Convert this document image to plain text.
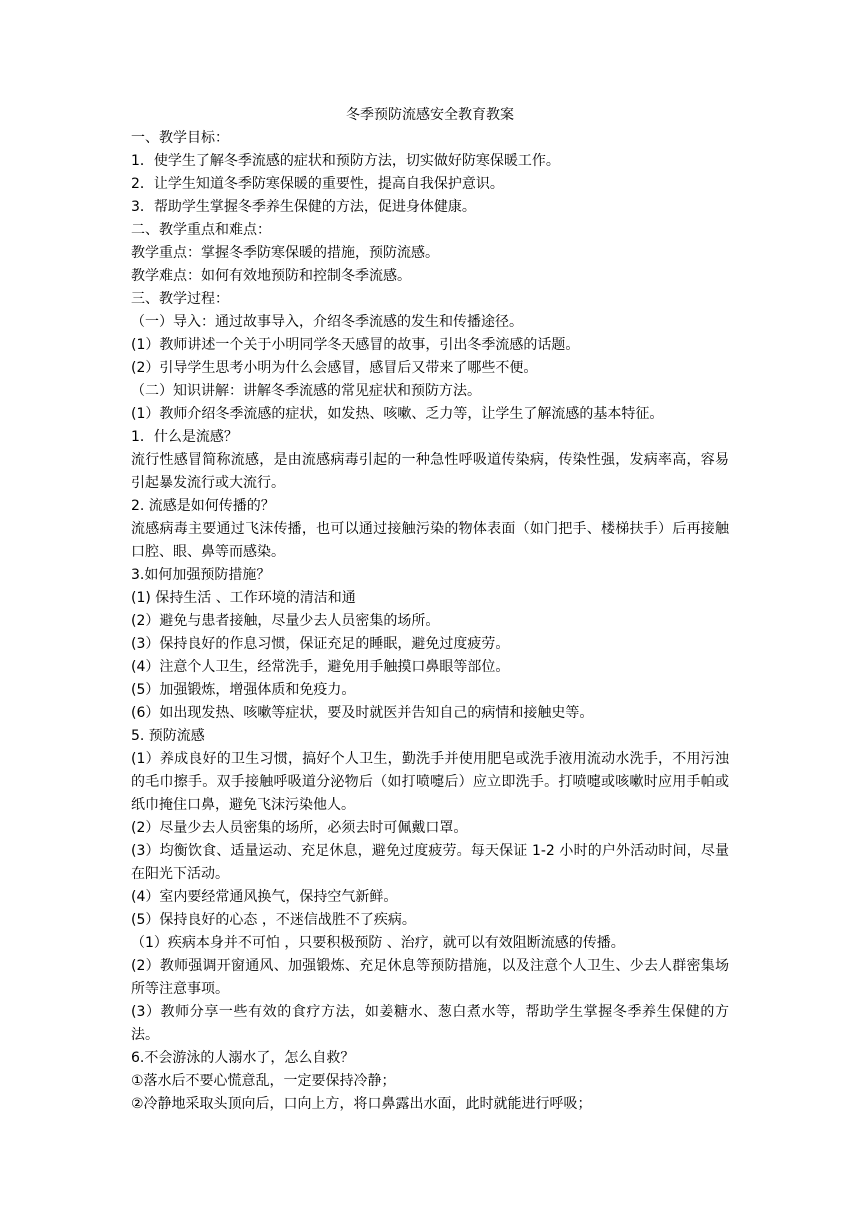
冬季预防流感安全教育教案
一、教学目标：
1．使学生了解冬季流感的症状和预防方法，切实做好防寒保暖工作。
2．让学生知道冬季防寒保暖的重要性，提高自我保护意识。
3．帮助学生掌握冬季养生保健的方法，促进身体健康。
二、教学重点和难点：
教学重点：掌握冬季防寒保暖的措施，预防流感。
教学难点：如何有效地预防和控制冬季流感。
三、教学过程：
（一）导入：通过故事导入，介绍冬季流感的发生和传播途径。
(1）教师讲述一个关于小明同学冬天感冒的故事，引出冬季流感的话题。
(2）引导学生思考小明为什么会感冒，感冒后又带来了哪些不便。
（二）知识讲解：讲解冬季流感的常见症状和预防方法。
(1）教师介绍冬季流感的症状，如发热、咳嗽、乏力等，让学生了解流感的基本特征。
1．什么是流感？
流行性感冒简称流感，是由流感病毒引起的一种急性呼吸道传染病，传染性强，发病率高，容易引起暴发流行或大流行。
2. 流感是如何传播的？
流感病毒主要通过飞沫传播，也可以通过接触污染的物体表面（如门把手、楼梯扶手）后再接触口腔、眼、鼻等而感染。
3.如何加强预防措施？
(1) 保持生活 、工作环境的清洁和通
(2）避免与患者接触，尽量少去人员密集的场所。
(3）保持良好的作息习惯，保证充足的睡眠，避免过度疲劳。
(4）注意个人卫生，经常洗手，避免用手触摸口鼻眼等部位。
(5）加强锻炼，增强体质和免疫力。
(6）如出现发热、咳嗽等症状，要及时就医并告知自己的病情和接触史等。
5. 预防流感
(1）养成良好的卫生习惯，搞好个人卫生，勤洗手并使用肥皂或洗手液用流动水洗手，不用污浊的毛巾擦手。双手接触呼吸道分泌物后（如打喷嚏后）应立即洗手。打喷嚏或咳嗽时应用手帕或纸巾掩住口鼻，避免飞沫污染他人。
(2）尽量少去人员密集的场所，必须去时可佩戴口罩。
(3）均衡饮食、适量运动、充足休息，避免过度疲劳。每天保证 1-2 小时的户外活动时间，尽量在阳光下活动。
(4）室内要经常通风换气，保持空气新鲜。
(5）保持良好的心态 ，不迷信战胜不了疾病。
（1）疾病本身并不可怕 ，只要积极预防 、治疗，就可以有效阻断流感的传播。
(2）教师强调开窗通风、加强锻炼、充足休息等预防措施，以及注意个人卫生、少去人群密集场所等注意事项。
(3）教师分享一些有效的食疗方法，如姜糖水、葱白煮水等，帮助学生掌握冬季养生保健的方法。
6.不会游泳的人溺水了，怎么自救？
①落水后不要心慌意乱，一定要保持冷静；
②冷静地采取头顶向后，口向上方，将口鼻露出水面，此时就能进行呼吸；
